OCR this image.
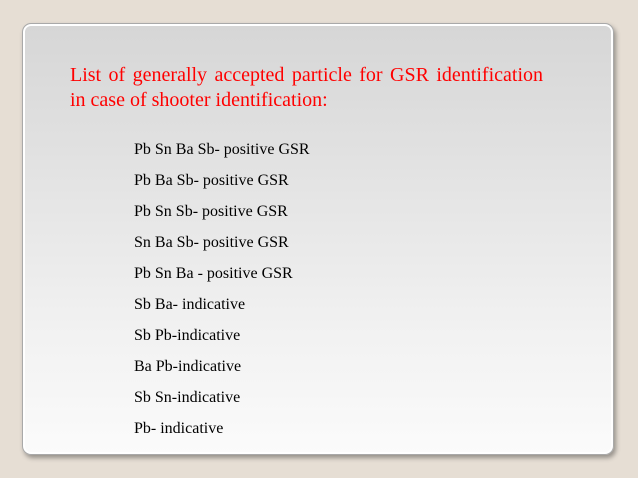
List of generally accepted particle for GSR identification in case of shooter identification:

Pb Sn Ba Sb- positive GSR
Pb Ba Sb- positive GSR
Pb Sn Sb- positive GSR
Sn Ba Sb- positive GSR
Pb Sn Ba - positive GSR
Sb Ba- indicative
Sb Pb-indicative
Ba Pb-indicative
Sb Sn-indicative
Pb- indicative
